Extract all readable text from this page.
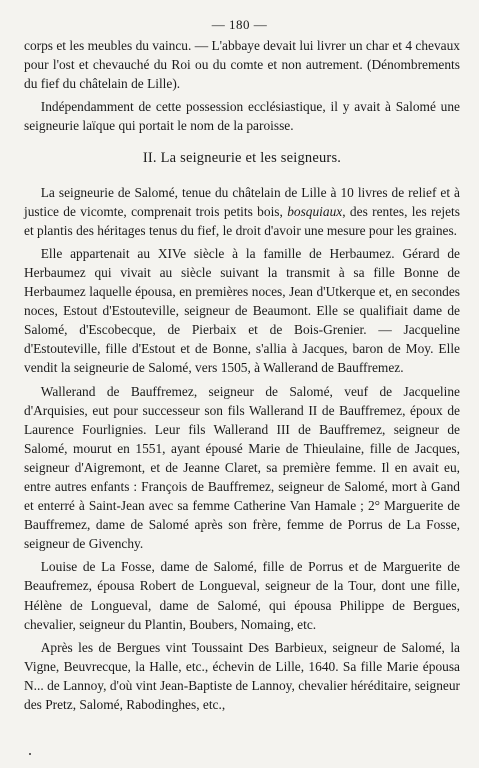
— 180 —

corps et les meubles du vaincu. — L'abbaye devait lui livrer un char et 4 chevaux pour l'ost et chevauché du Roi ou du comte et non autrement. (Dénombrements du fief du châtelain de Lille).

Indépendamment de cette possession ecclésiastique, il y avait à Salomé une seigneurie laïque qui portait le nom de la paroisse.

II. La seigneurie et les seigneurs.

La seigneurie de Salomé, tenue du châtelain de Lille à 10 livres de relief et à justice de vicomte, comprenait trois petits bois, bosquiaux, des rentes, les rejets et plantis des héritages tenus du fief, le droit d'avoir une mesure pour les graines.

Elle appartenait au XIVe siècle à la famille de Herbaumez. Gérard de Herbaumez qui vivait au siècle suivant la transmit à sa fille Bonne de Herbaumez laquelle épousa, en premières noces, Jean d'Utkerque et, en secondes noces, Estout d'Estouteville, seigneur de Beaumont. Elle se qualifiait dame de Salomé, d'Escobecque, de Pierbaix et de Bois-Grenier. — Jacqueline d'Estouteville, fille d'Estout et de Bonne, s'allia à Jacques, baron de Moy. Elle vendit la seigneurie de Salomé, vers 1505, à Wallerand de Bauffremez.

Wallerand de Bauffremez, seigneur de Salomé, veuf de Jacqueline d'Arquisies, eut pour successeur son fils Wallerand II de Bauffremez, époux de Laurence Fourlignies. Leur fils Wallerand III de Bauffremez, seigneur de Salomé, mourut en 1551, ayant épousé Marie de Thieulaine, fille de Jacques, seigneur d'Aigremont, et de Jeanne Claret, sa première femme. Il en avait eu, entre autres enfants : François de Bauffremez, seigneur de Salomé, mort à Gand et enterré à Saint-Jean avec sa femme Catherine Van Hamale ; 2° Marguerite de Bauffremez, dame de Salomé après son frère, femme de Porrus de La Fosse, seigneur de Givenchy.

Louise de La Fosse, dame de Salomé, fille de Porrus et de Marguerite de Beaufremez, épousa Robert de Longueval, seigneur de la Tour, dont une fille, Hélène de Longueval, dame de Salomé, qui épousa Philippe de Bergues, chevalier, seigneur du Plantin, Boubers, Nomaing, etc.

Après les de Bergues vint Toussaint Des Barbieux, seigneur de Salomé, la Vigne, Beuvrecque, la Halle, etc., échevin de Lille, 1640. Sa fille Marie épousa N... de Lannoy, d'où vint Jean-Baptiste de Lannoy, chevalier héréditaire, seigneur des Pretz, Salomé, Rabodinghes, etc.,
